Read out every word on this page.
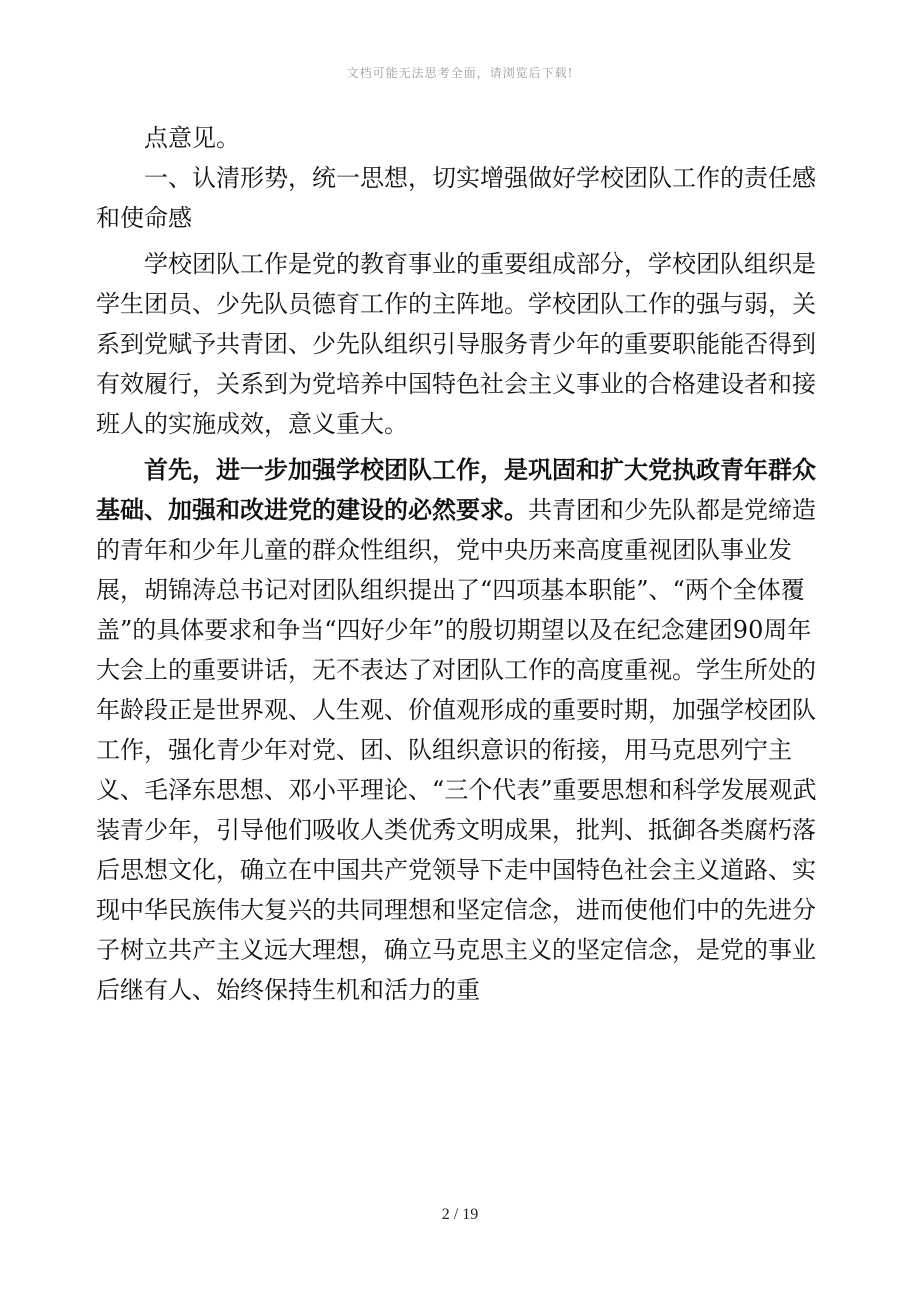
文档可能无法思考全面，请浏览后下载!

点意见。

一、认清形势，统一思想，切实增强做好学校团队工作的责任感和使命感

学校团队工作是党的教育事业的重要组成部分，学校团队组织是学生团员、少先队员德育工作的主阵地。学校团队工作的强与弱，关系到党赋予共青团、少先队组织引导服务青少年的重要职能能否得到有效履行，关系到为党培养中国特色社会主义事业的合格建设者和接班人的实施成效，意义重大。

首先，进一步加强学校团队工作，是巩固和扩大党执政青年群众基础、加强和改进党的建设的必然要求。共青团和少先队都是党缔造的青年和少年儿童的群众性组织，党中央历来高度重视团队事业发展，胡锦涛总书记对团队组织提出了“四项基本职能”、“两个全体覆盖”的具体要求和争当“四好少年”的殷切期望以及在纪念建团90周年大会上的重要讲话，无不表达了对团队工作的高度重视。学生所处的年龄段正是世界观、人生观、价值观形成的重要时期，加强学校团队工作，强化青少年对党、团、队组织意识的衔接，用马克思列宁主义、毛泽东思想、邓小平理论、“三个代表”重要思想和科学发展观武装青少年，引导他们吸收人类优秀文明成果，批判、抵御各类腐朽落后思想文化，确立在中国共产党领导下走中国特色社会主义道路、实现中华民族伟大复兴的共同理想和坚定信念，进而使他们中的先进分子树立共产主义远大理想，确立马克思主义的坚定信念，是党的事业后继有人、始终保持生机和活力的重

2 / 19
